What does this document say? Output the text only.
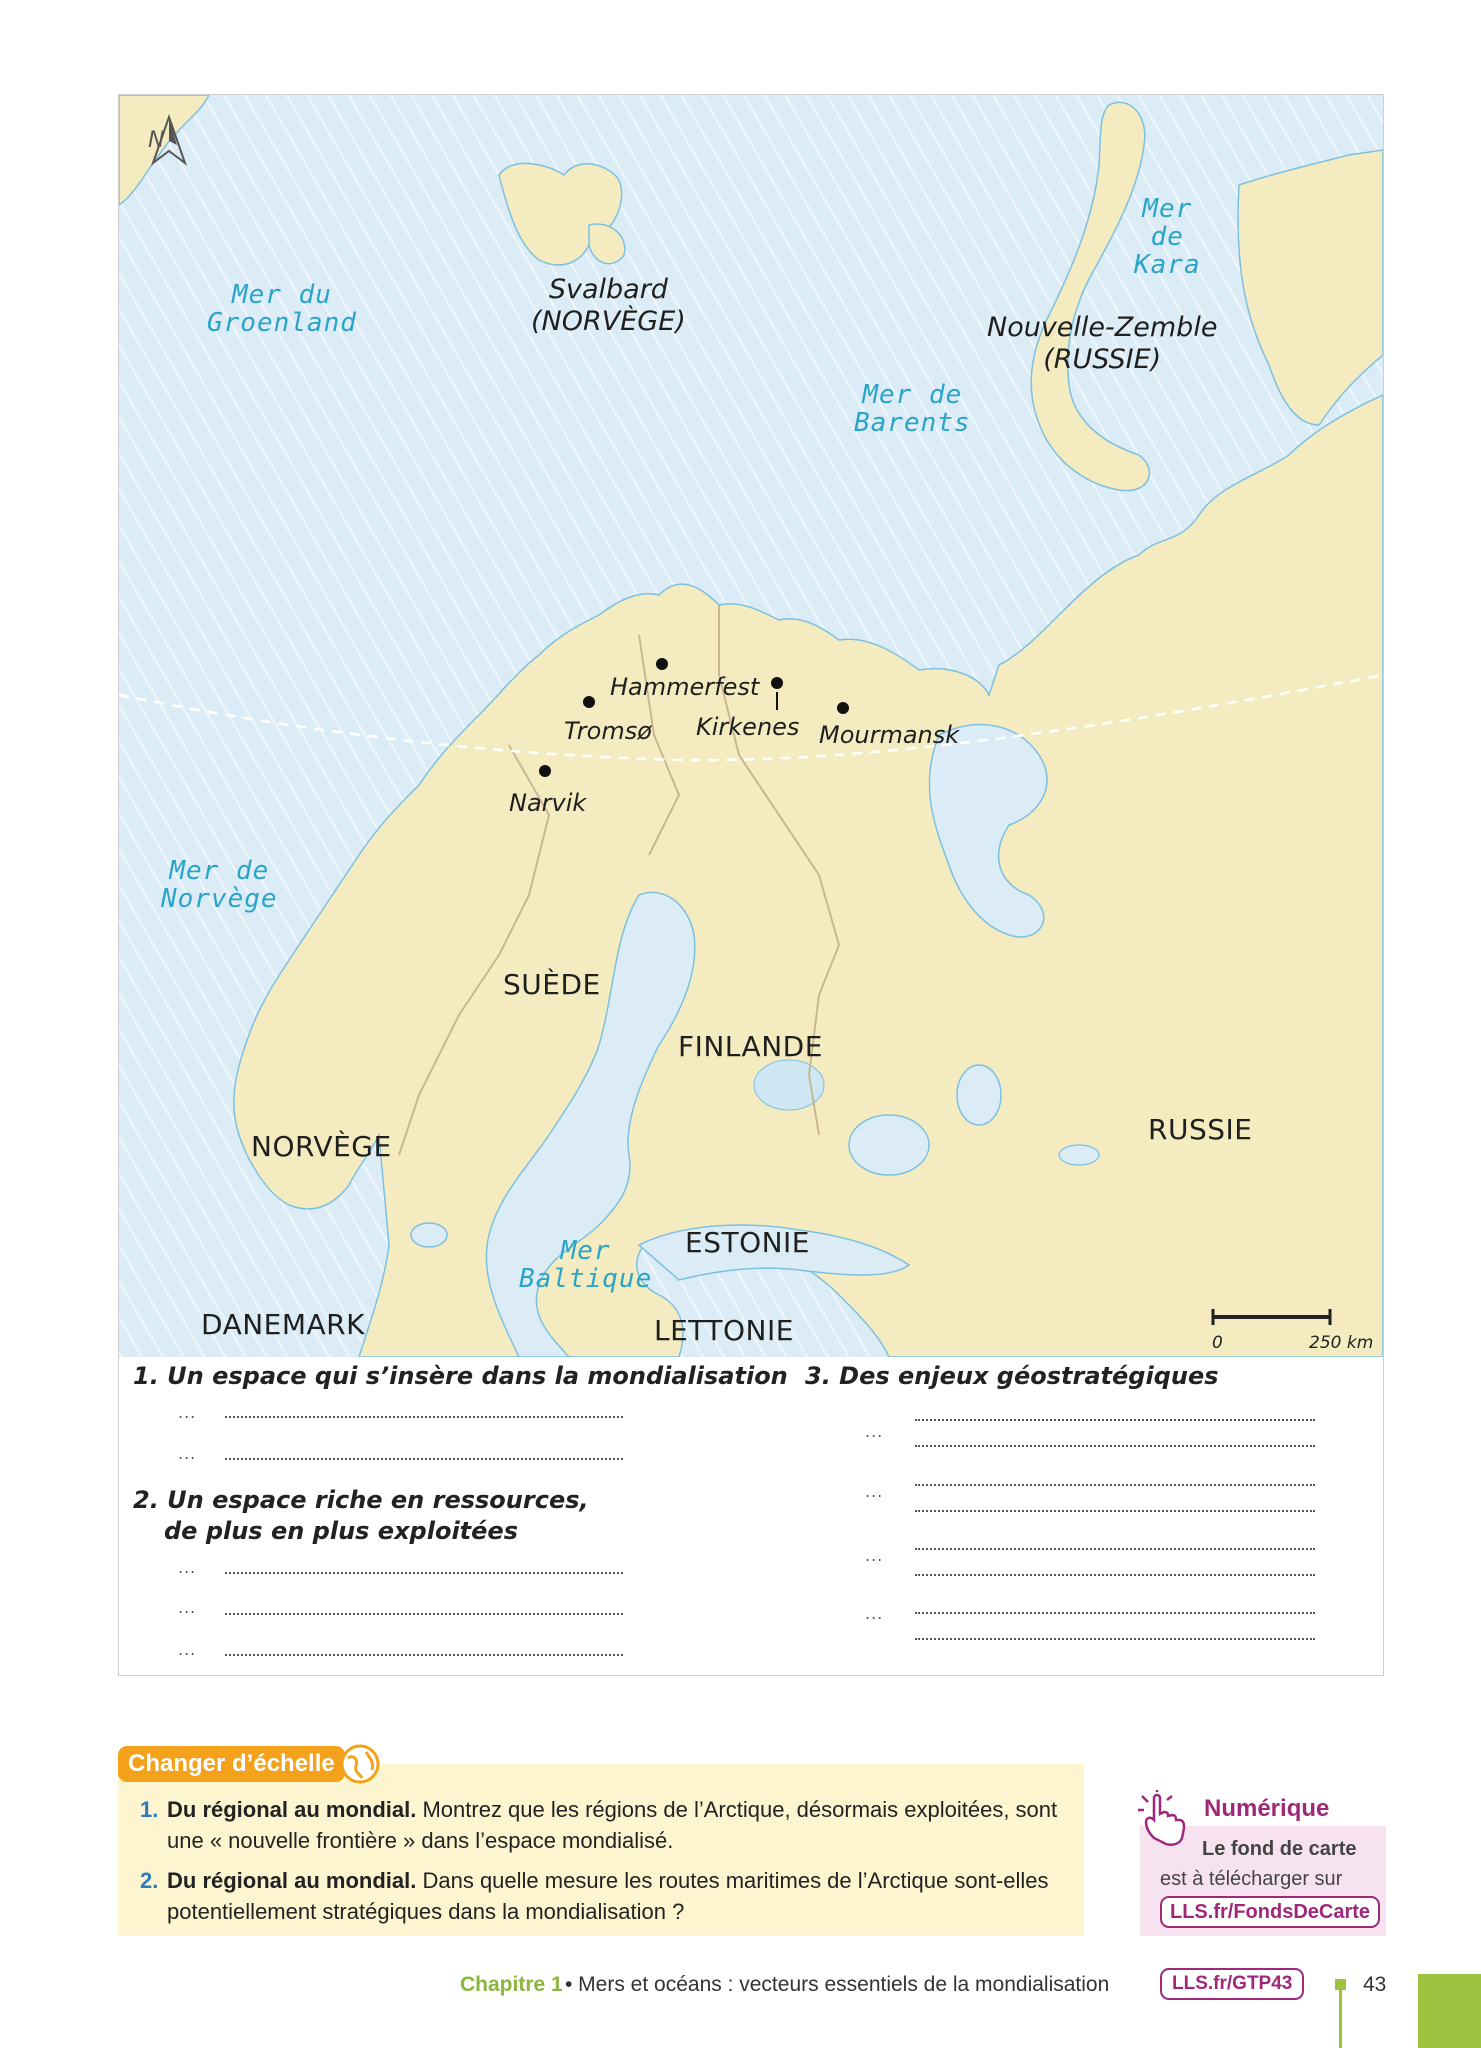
N
Mer du
Groenland
Mer
de
Kara
Mer de
Barents
Mer de
Norvège
Mer
Baltique
Svalbard
(NORVÈGE)	Nouvelle-Zemble
(RUSSIE)
SUÈDE
FINLANDE
NORVÈGE
RUSSIE
ESTONIE
DANEMARK	LETTONIE
Hammerfest
Tromsø Kirkenes Mourmansk
Narvik
0	250 km
1. Un espace qui s’insère dans la mondialisation
...
...
2. Un espace riche en ressources,
de plus en plus exploitées
...
...
...
3. Des enjeux géostratégiques
...
...
...
...
Changer d’échelle
1. Du régional au mondial. Montrez que les régions de l’Arctique, désormais exploitées, sont une « nouvelle frontière » dans l’espace mondialisé.
2. Du régional au mondial. Dans quelle mesure les routes maritimes de l’Arctique sont-elles potentiellement stratégiques dans la mondialisation ?
Numérique
Le fond de carte
est à télécharger sur
LLS.fr/FondsDeCarte
Chapitre 1 • Mers et océans : vecteurs essentiels de la mondialisation	LLS.fr/GTP43	43
